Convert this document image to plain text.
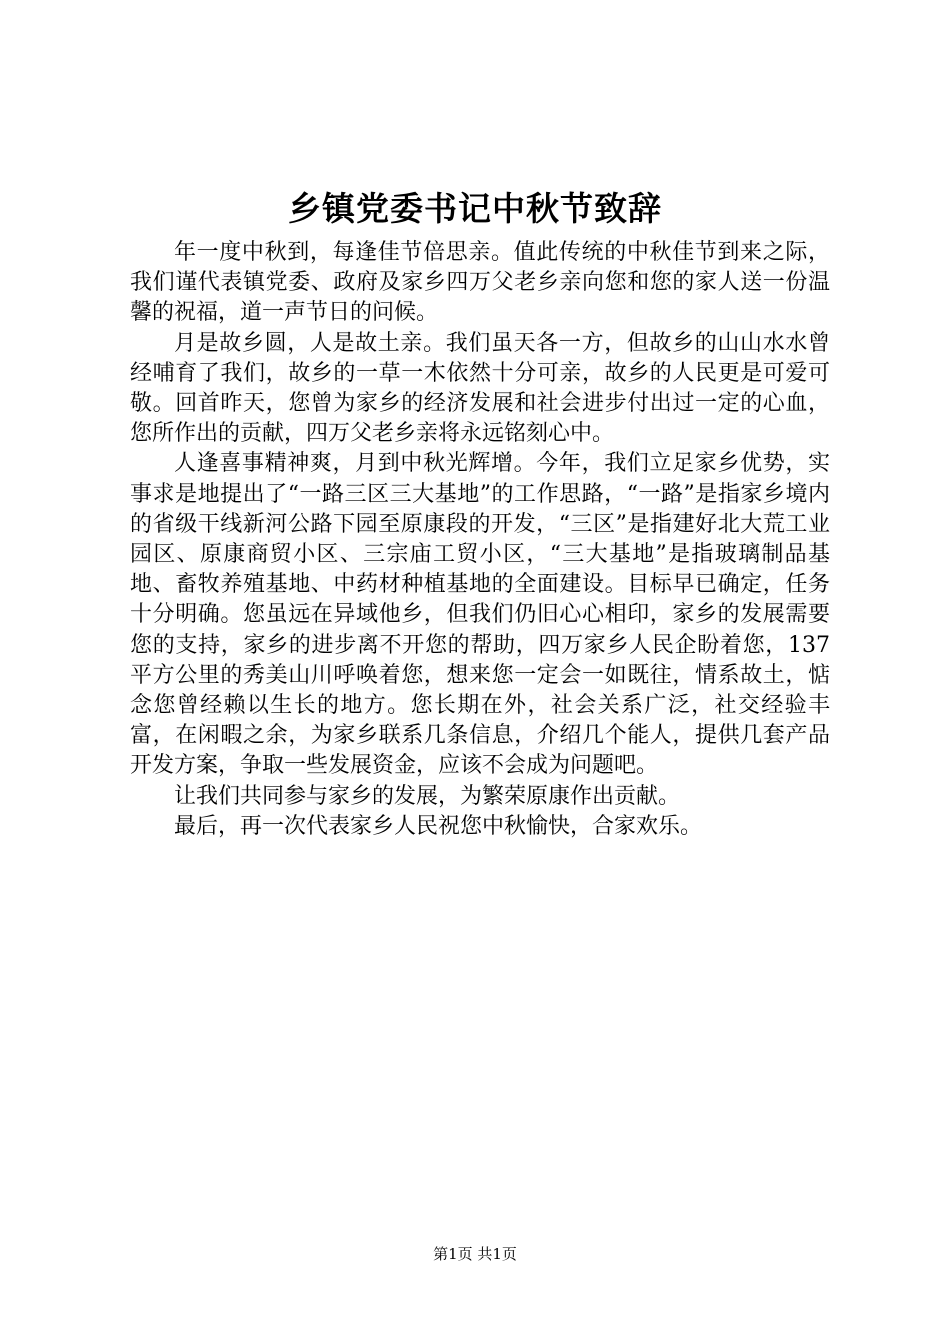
乡镇党委书记中秋节致辞

年一度中秋到，每逢佳节倍思亲。值此传统的中秋佳节到来之际，我们谨代表镇党委、政府及家乡四万父老乡亲向您和您的家人送一份温馨的祝福，道一声节日的问候。

月是故乡圆，人是故土亲。我们虽天各一方，但故乡的山山水水曾经哺育了我们，故乡的一草一木依然十分可亲，故乡的人民更是可爱可敬。回首昨天，您曾为家乡的经济发展和社会进步付出过一定的心血，您所作出的贡献，四万父老乡亲将永远铭刻心中。

人逢喜事精神爽，月到中秋光辉增。今年，我们立足家乡优势，实事求是地提出了“一路三区三大基地”的工作思路，“一路”是指家乡境内的省级干线新河公路下园至原康段的开发，“三区”是指建好北大荒工业园区、原康商贸小区、三宗庙工贸小区，“三大基地”是指玻璃制品基地、畜牧养殖基地、中药材种植基地的全面建设。目标早已确定，任务十分明确。您虽远在异域他乡，但我们仍旧心心相印，家乡的发展需要您的支持，家乡的进步离不开您的帮助，四万家乡人民企盼着您，137平方公里的秀美山川呼唤着您，想来您一定会一如既往，情系故土，惦念您曾经赖以生长的地方。您长期在外，社会关系广泛，社交经验丰富，在闲暇之余，为家乡联系几条信息，介绍几个能人，提供几套产品开发方案，争取一些发展资金，应该不会成为问题吧。

让我们共同参与家乡的发展，为繁荣原康作出贡献。

最后，再一次代表家乡人民祝您中秋愉快，合家欢乐。

第1页 共1页
